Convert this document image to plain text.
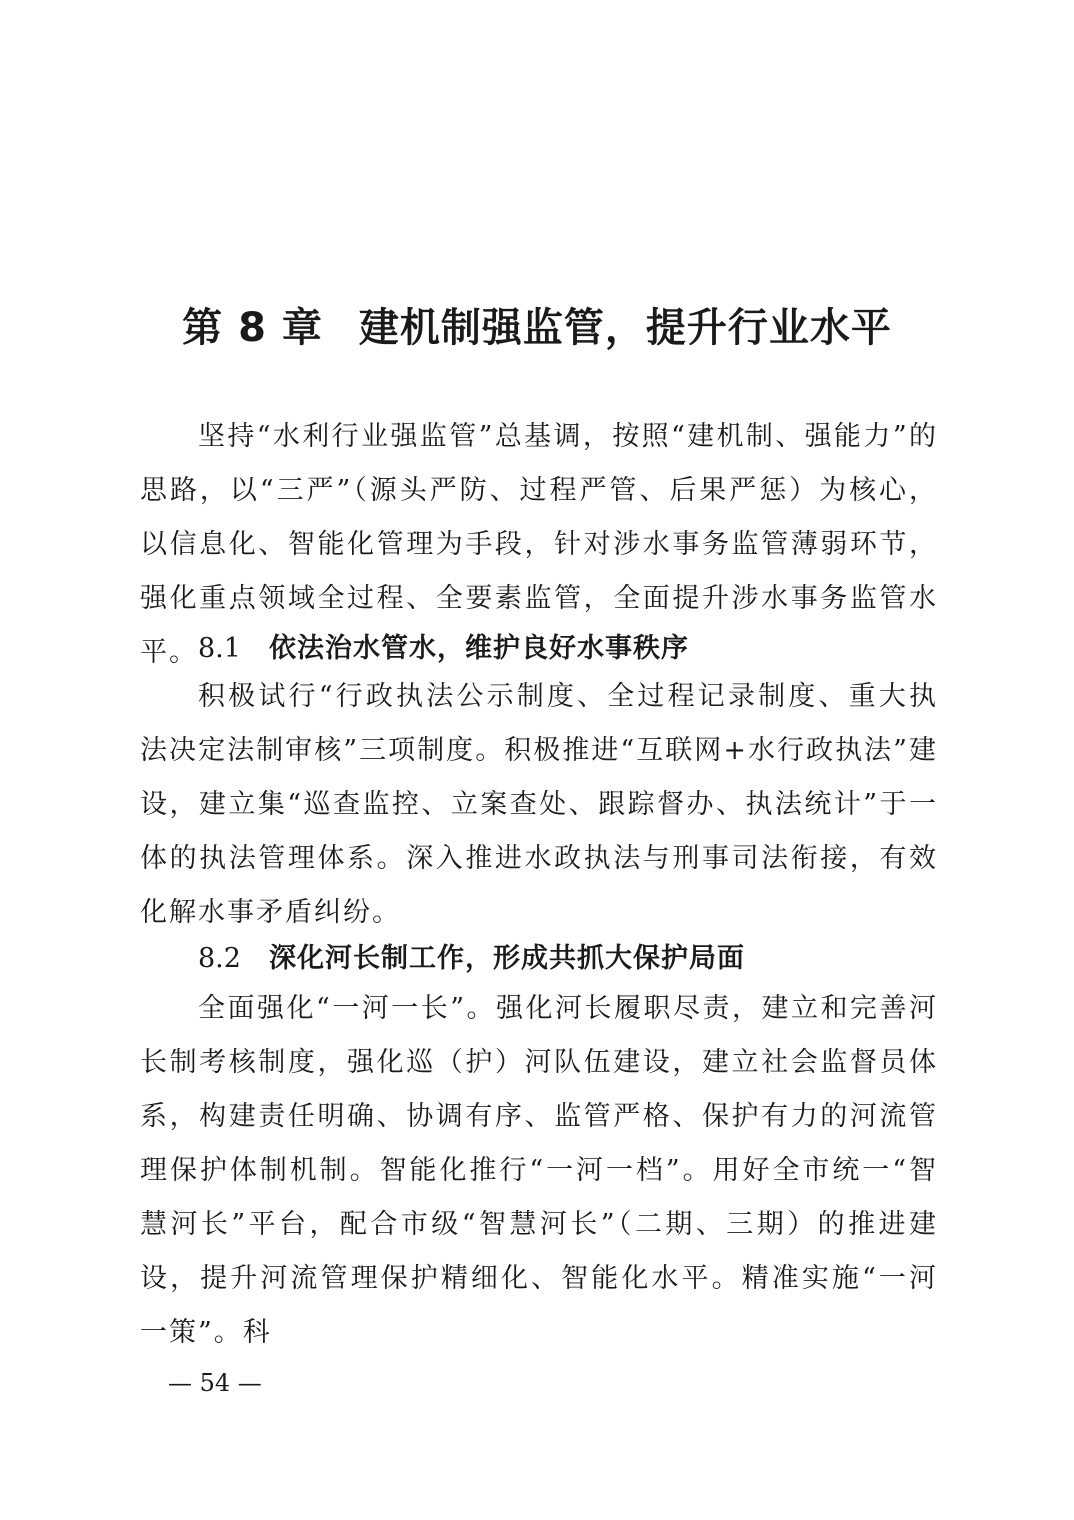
第 8 章 建机制强监管，提升行业水平

坚持“水利行业强监管”总基调，按照“建机制、强能力”的思路，以“三严”（源头严防、过程严管、后果严惩）为核心，以信息化、智能化管理为手段，针对涉水事务监管薄弱环节，强化重点领域全过程、全要素监管，全面提升涉水事务监管水平。 8.1 依法治水管水，维护良好水事秩序

积极试行“行政执法公示制度、全过程记录制度、重大执法决定法制审核”三项制度。积极推进“互联网+水行政执法”建设，建立集“巡查监控、立案查处、跟踪督办、执法统计”于一体的执法管理体系。深入推进水政执法与刑事司法衔接，有效化解水事矛盾纠纷。

8.2 深化河长制工作，形成共抓大保护局面

全面强化“一河一长”。强化河长履职尽责，建立和完善河长制考核制度，强化巡（护）河队伍建设，建立社会监督员体系，构建责任明确、协调有序、监管严格、保护有力的河流管理保护体制机制。智能化推行“一河一档”。用好全市统一“智慧河长”平台，配合市级“智慧河长”（二期、三期）的推进建设，提升河流管理保护精细化、智能化水平。精准实施“一河一策”。科

— 54 —
